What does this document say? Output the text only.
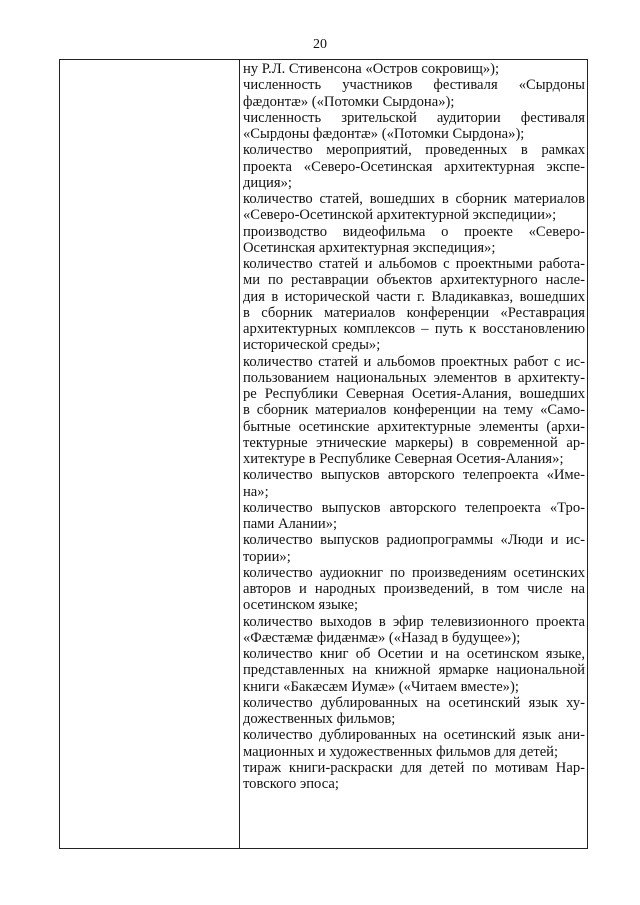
20
ну Р.Л. Стивенсона «Остров сокровищ»);
численность участников фестиваля «Сырдоны
фæдонтæ» («Потомки Сырдона»);
численность зрительской аудитории фестиваля
«Сырдоны фæдонтæ» («Потомки Сырдона»);
количество мероприятий, проведенных в рамках
проекта «Северо-Осетинская архитектурная экспе-
диция»;
количество статей, вошедших в сборник материалов
«Северо-Осетинской архитектурной экспедиции»;
производство видеофильма о проекте «Северо-
Осетинская архитектурная экспедиция»;
количество статей и альбомов с проектными работа-
ми по реставрации объектов архитектурного насле-
дия в исторической части г. Владикавказ, вошедших
в сборник материалов конференции «Реставрация
архитектурных комплексов – путь к восстановлению
исторической среды»;
количество статей и альбомов проектных работ с ис-
пользованием национальных элементов в архитекту-
ре Республики Северная Осетия-Алания, вошедших
в сборник материалов конференции на тему «Само-
бытные осетинские архитектурные элементы (архи-
тектурные этнические маркеры) в современной ар-
хитектуре в Республике Северная Осетия-Алания»;
количество выпусков авторского телепроекта «Име-
на»;
количество выпусков авторского телепроекта «Тро-
пами Алании»;
количество выпусков радиопрограммы «Люди и ис-
тории»;
количество аудиокниг по произведениям осетинских
авторов и народных произведений, в том числе на
осетинском языке;
количество выходов в эфир телевизионного проекта
«Фæстæмæ фидæнмæ» («Назад в будущее»);
количество книг об Осетии и на осетинском языке,
представленных на книжной ярмарке национальной
книги «Бакæсæм Иумæ» («Читаем вместе»);
количество дублированных на осетинский язык ху-
дожественных фильмов;
количество дублированных на осетинский язык ани-
мационных и художественных фильмов для детей;
тираж книги-раскраски для детей по мотивам Нар-
товского эпоса;
